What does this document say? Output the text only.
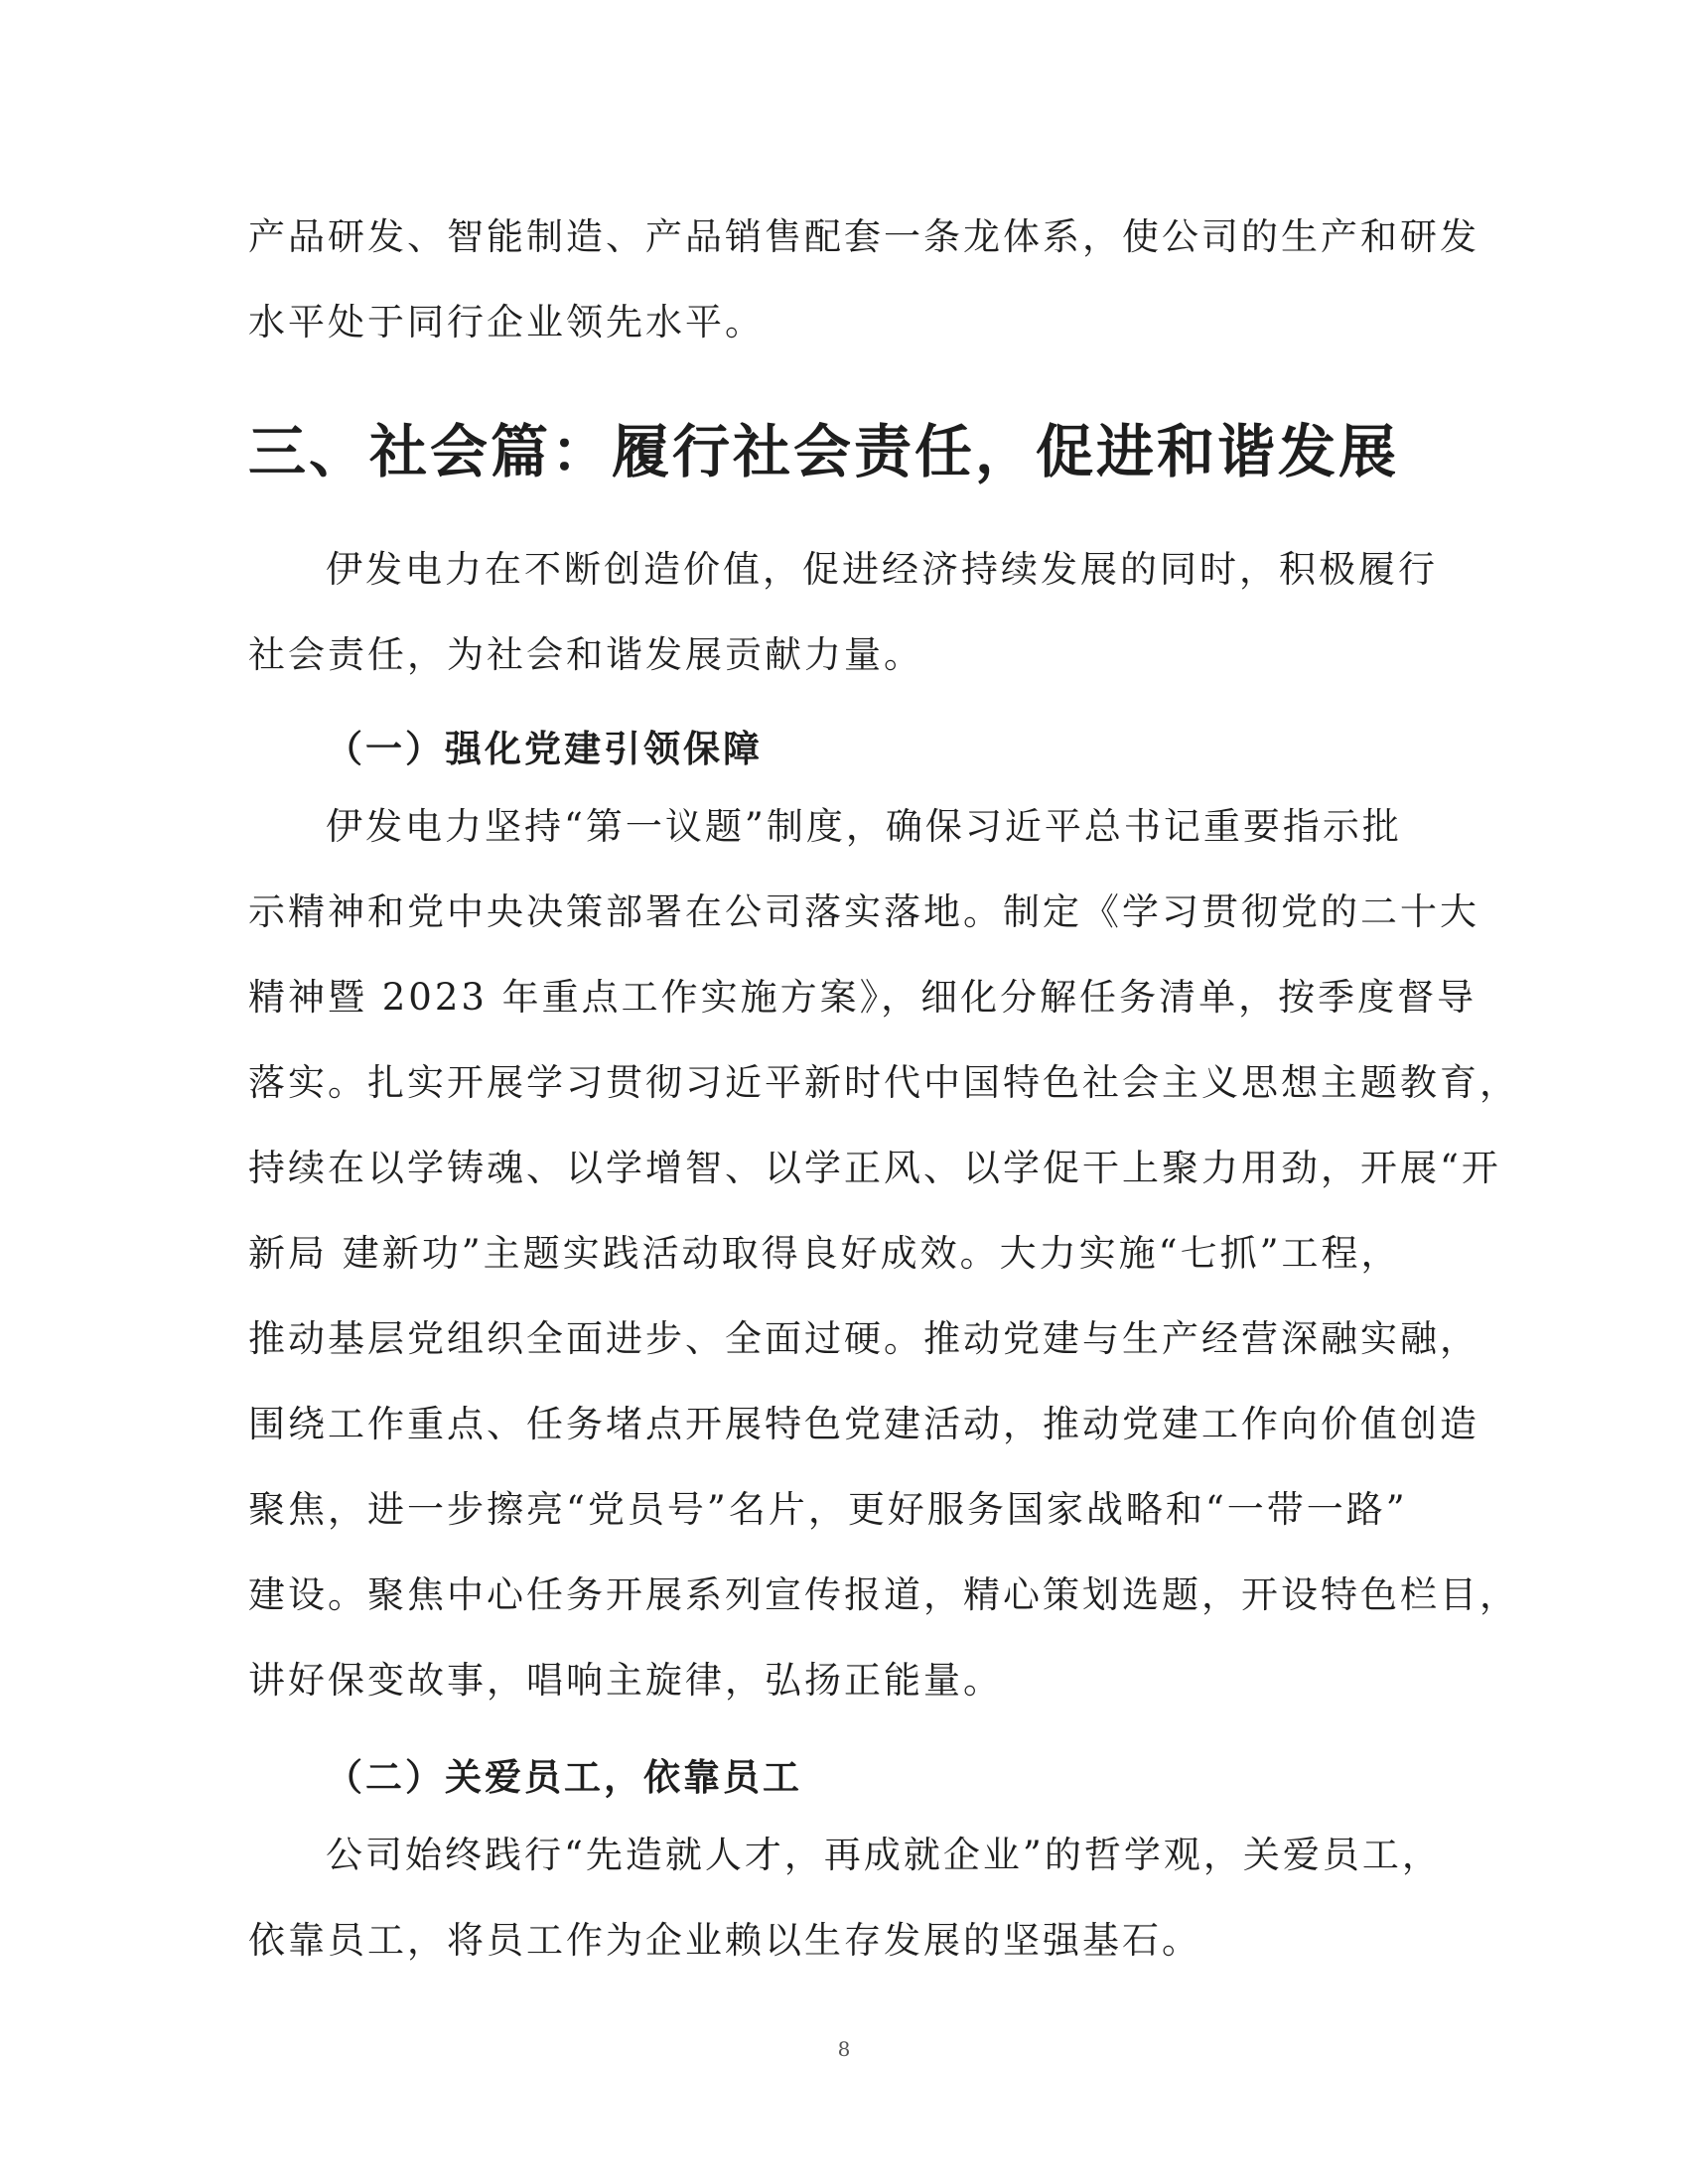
产品研发、智能制造、产品销售配套一条龙体系，使公司的生产和研发
水平处于同行企业领先水平。

三、社会篇：履行社会责任，促进和谐发展

伊发电力在不断创造价值，促进经济持续发展的同时，积极履行
社会责任，为社会和谐发展贡献力量。

（一）强化党建引领保障

伊发电力坚持“第一议题”制度，确保习近平总书记重要指示批
示精神和党中央决策部署在公司落实落地。制定《学习贯彻党的二十大
精神暨 2023 年重点工作实施方案》，细化分解任务清单，按季度督导
落实。扎实开展学习贯彻习近平新时代中国特色社会主义思想主题教育，
持续在以学铸魂、以学增智、以学正风、以学促干上聚力用劲，开展“开
新局 建新功”主题实践活动取得良好成效。大力实施“七抓”工程，
推动基层党组织全面进步、全面过硬。推动党建与生产经营深融实融，
围绕工作重点、任务堵点开展特色党建活动，推动党建工作向价值创造
聚焦，进一步擦亮“党员号”名片，更好服务国家战略和“一带一路”
建设。聚焦中心任务开展系列宣传报道，精心策划选题，开设特色栏目，
讲好保变故事，唱响主旋律，弘扬正能量。

（二）关爱员工，依靠员工

公司始终践行“先造就人才，再成就企业”的哲学观，关爱员工，
依靠员工，将员工作为企业赖以生存发展的坚强基石。

8
